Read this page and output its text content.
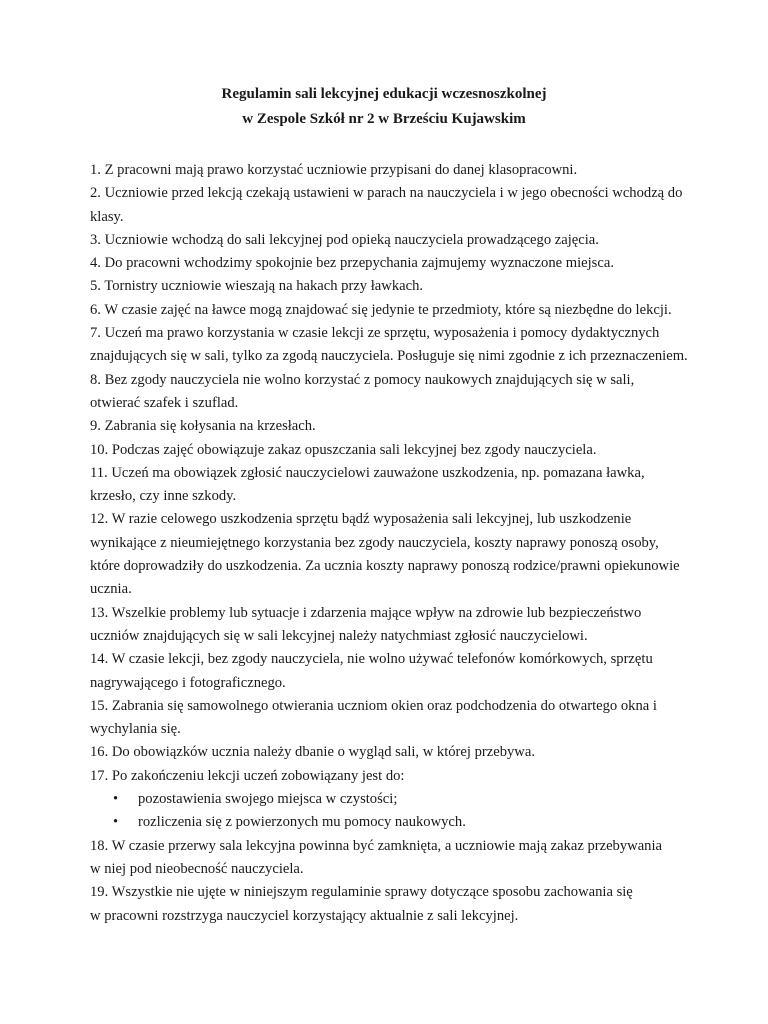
Regulamin sali lekcyjnej edukacji wczesnoszkolnej
w Zespole Szkół nr 2 w Brześciu Kujawskim
1. Z pracowni mają prawo korzystać uczniowie przypisani do danej klasopracowni.
2. Uczniowie przed lekcją czekają ustawieni w parach na nauczyciela i w jego obecności wchodzą do
klasy.
3. Uczniowie wchodzą do sali lekcyjnej pod opieką nauczyciela prowadzącego zajęcia.
4. Do pracowni wchodzimy spokojnie bez przepychania zajmujemy wyznaczone miejsca.
5. Tornistry uczniowie wieszają na hakach przy ławkach.
6. W czasie zajęć na ławce mogą znajdować się jedynie te przedmioty, które są niezbędne do lekcji.
7. Uczeń ma prawo korzystania w czasie lekcji ze sprzętu, wyposażenia i pomocy dydaktycznych
znajdujących się w sali, tylko za zgodą nauczyciela. Posługuje się nimi zgodnie z ich przeznaczeniem.
8. Bez zgody nauczyciela nie wolno korzystać z pomocy naukowych znajdujących się w sali,
otwierać szafek i szuflad.
9. Zabrania się kołysania na krzesłach.
10. Podczas zajęć obowiązuje zakaz opuszczania sali lekcyjnej bez zgody nauczyciela.
11. Uczeń ma obowiązek zgłosić nauczycielowi zauważone uszkodzenia, np. pomazana ławka,
krzesło, czy inne szkody.
12. W razie celowego uszkodzenia sprzętu bądź wyposażenia sali lekcyjnej, lub uszkodzenie
wynikające z nieumiejętnego korzystania bez zgody nauczyciela, koszty naprawy ponoszą osoby,
które doprowadziły do uszkodzenia. Za ucznia koszty naprawy ponoszą rodzice/prawni opiekunowie
ucznia.
13. Wszelkie problemy lub sytuacje i zdarzenia mające wpływ na zdrowie lub bezpieczeństwo
uczniów znajdujących się w sali lekcyjnej należy natychmiast zgłosić nauczycielowi.
14. W czasie lekcji, bez zgody nauczyciela, nie wolno używać telefonów komórkowych, sprzętu
nagrywającego i fotograficznego.
15. Zabrania się samowolnego otwierania uczniom okien oraz podchodzenia do otwartego okna i
wychylania się.
16. Do obowiązków ucznia należy dbanie o wygląd sali, w której przebywa.
17. Po zakończeniu lekcji uczeń zobowiązany jest do:
• pozostawienia swojego miejsca w czystości;
• rozliczenia się z powierzonych mu pomocy naukowych.
18. W czasie przerwy sala lekcyjna powinna być zamknięta, a uczniowie mają zakaz przebywania
w niej pod nieobecność nauczyciela.
19. Wszystkie nie ujęte w niniejszym regulaminie sprawy dotyczące sposobu zachowania się
w pracowni rozstrzyga nauczyciel korzystający aktualnie z sali lekcyjnej.
